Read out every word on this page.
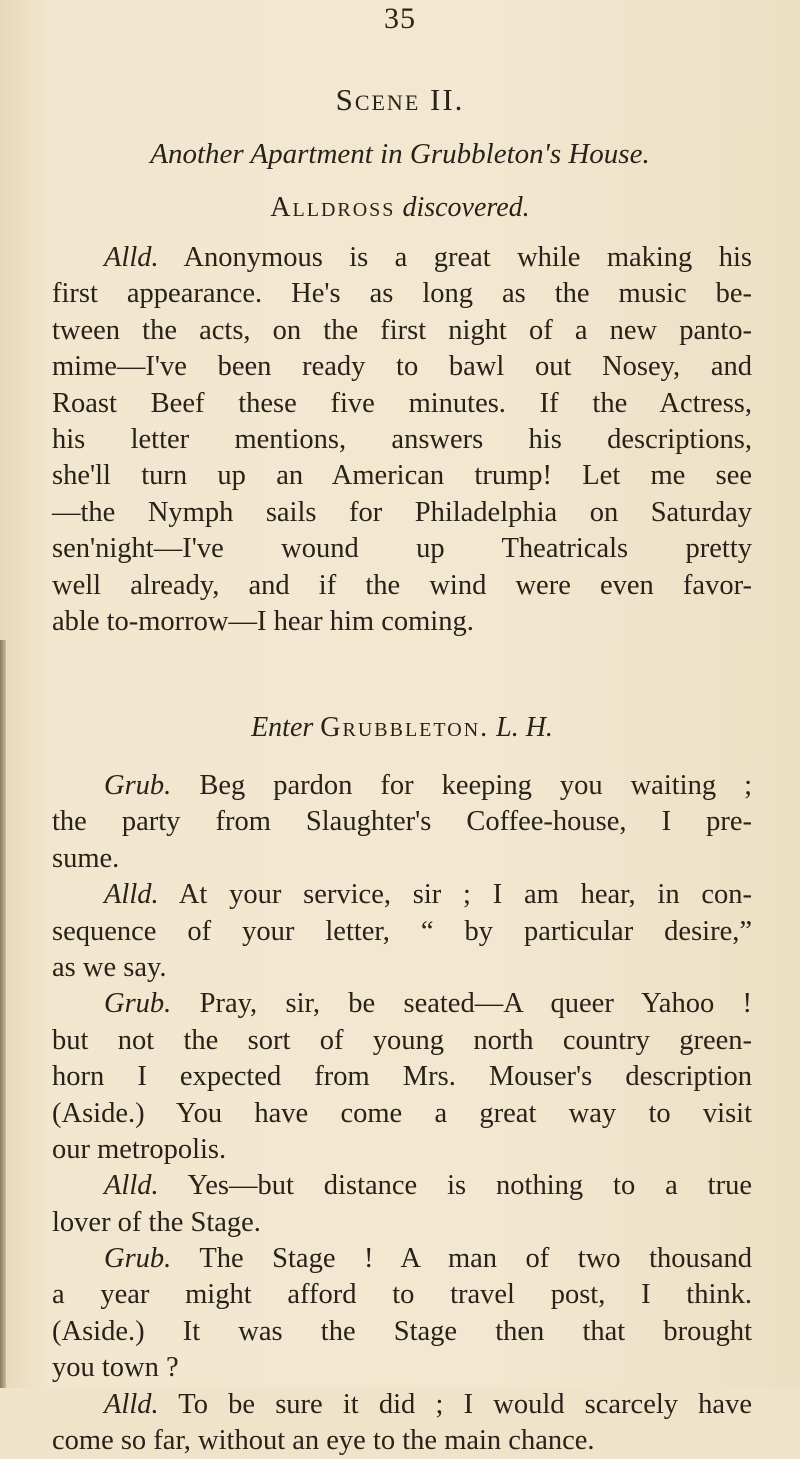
35
Scene II.
Another Apartment in Grubbleton's House.
Alldross discovered.
Alld. Anonymous is a great while making his
first appearance. He's as long as the music be-
tween the acts, on the first night of a new panto-
mime—I've been ready to bawl out Nosey, and
Roast Beef these five minutes. If the Actress,
his letter mentions, answers his descriptions,
she'll turn up an American trump! Let me see
—the Nymph sails for Philadelphia on Saturday
sen'night—I've wound up Theatricals pretty
well already, and if the wind were even favor-
able to-morrow—I hear him coming.
Enter Grubbleton. L. H.
Grub. Beg pardon for keeping you waiting ;
the party from Slaughter's Coffee-house, I pre-
sume.
Alld. At your service, sir ; I am hear, in con-
sequence of your letter, “ by particular desire,”
as we say.
Grub. Pray, sir, be seated—A queer Yahoo !
but not the sort of young north country green-
horn I expected from Mrs. Mouser's description
(Aside.) You have come a great way to visit
our metropolis.
Alld. Yes—but distance is nothing to a true
lover of the Stage.
Grub. The Stage ! A man of two thousand
a year might afford to travel post, I think.
(Aside.) It was the Stage then that brought
you town ?
Alld. To be sure it did ; I would scarcely have
come so far, without an eye to the main chance.
